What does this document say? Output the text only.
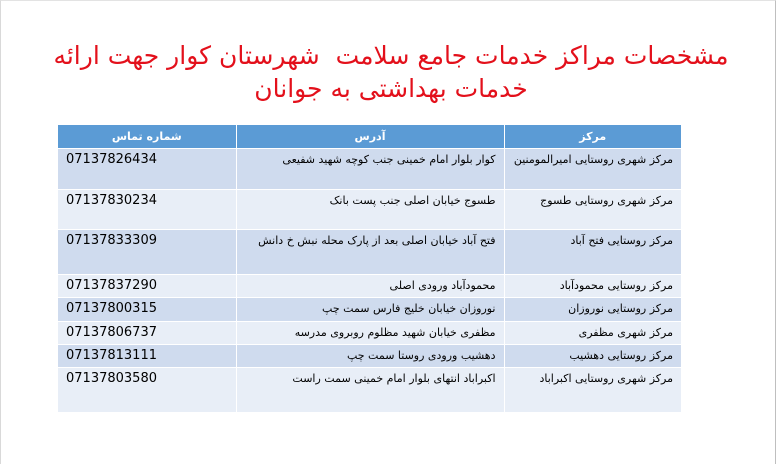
مشخصات مراکز خدمات جامع سلامت  شهرستان کوار جهت ارائه خدمات بهداشتی به جوانان
مرکز	آدرس	شماره تماس
مرکز شهری روستایی امیرالمومنین	کوار بلوار امام خمینی جنب کوچه شهید شفیعی	07137826434
مرکز شهری روستایی طسوج	طسوج خیابان اصلی جنب پست بانک	07137830234
مرکز روستایی فتح آباد	فتح آباد خیابان اصلی بعد از پارک محله نبش خ دانش	07137833309
مرکز روستایی محمودآباد	محمودآباد ورودی اصلی	07137837290
مرکز روستایی نوروزان	نوروزان خیابان خلیج فارس سمت چپ	07137800315
مرکز شهری مظفری	مظفری خیابان شهید مظلوم روبروی مدرسه	07137806737
مرکز روستایی دهشیب	دهشیب ورودی روستا سمت چپ	07137813111
مرکز شهری روستایی اکبراباد	اکبراباد انتهای بلوار امام خمینی سمت راست	07137803580
